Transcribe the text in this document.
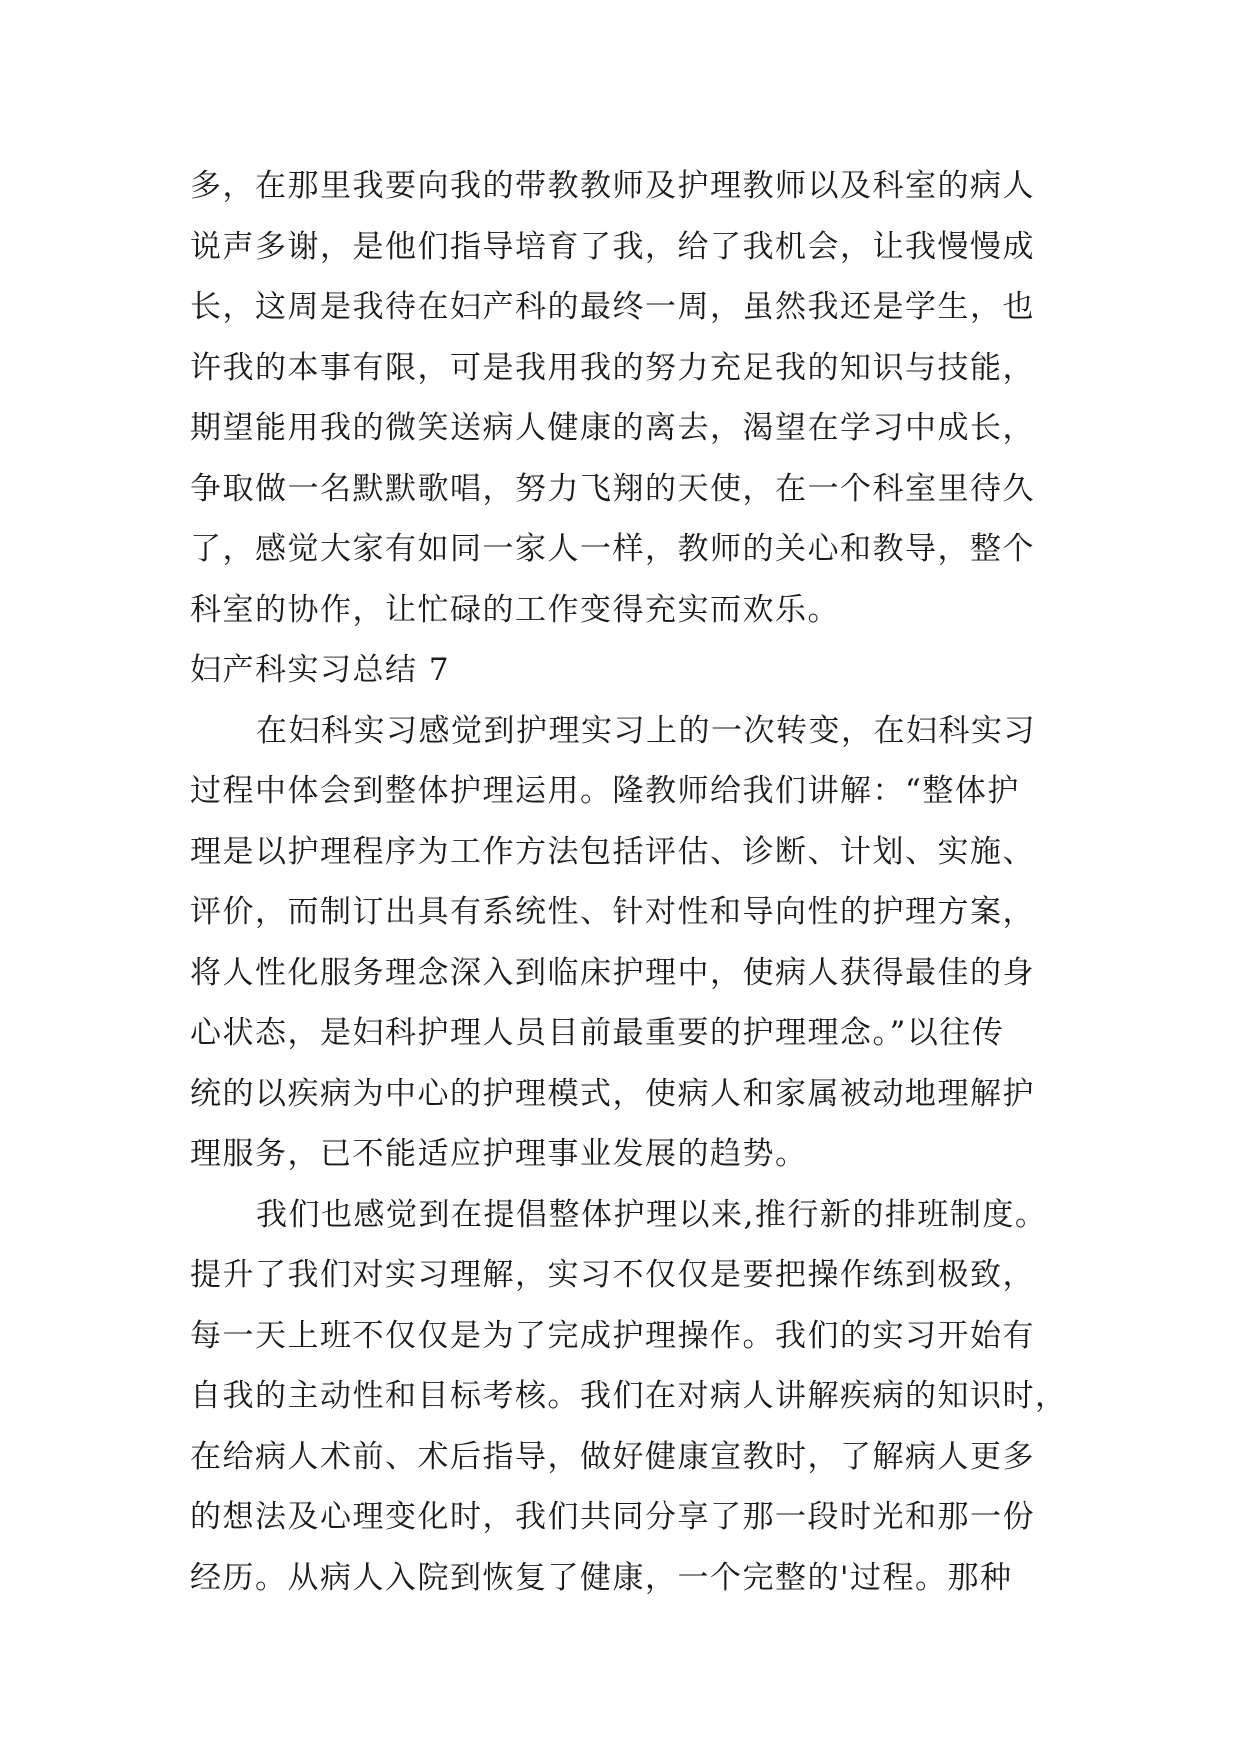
多，在那里我要向我的带教教师及护理教师以及科室的病人
说声多谢，是他们指导培育了我，给了我机会，让我慢慢成
长，这周是我待在妇产科的最终一周，虽然我还是学生，也
许我的本事有限，可是我用我的努力充足我的知识与技能，
期望能用我的微笑送病人健康的离去，渴望在学习中成长，
争取做一名默默歌唱，努力飞翔的天使，在一个科室里待久
了，感觉大家有如同一家人一样，教师的关心和教导，整个
科室的协作，让忙碌的工作变得充实而欢乐。
妇产科实习总结 7
在妇科实习感觉到护理实习上的一次转变，在妇科实习
过程中体会到整体护理运用。隆教师给我们讲解：“整体护
理是以护理程序为工作方法包括评估、诊断、计划、实施、
评价，而制订出具有系统性、针对性和导向性的护理方案，
将人性化服务理念深入到临床护理中，使病人获得最佳的身
心状态，是妇科护理人员目前最重要的护理理念。”以往传
统的以疾病为中心的护理模式，使病人和家属被动地理解护
理服务，已不能适应护理事业发展的趋势。
我们也感觉到在提倡整体护理以来,推行新的排班制度。
提升了我们对实习理解，实习不仅仅是要把操作练到极致，
每一天上班不仅仅是为了完成护理操作。我们的实习开始有
自我的主动性和目标考核。我们在对病人讲解疾病的知识时，
在给病人术前、术后指导，做好健康宣教时，了解病人更多
的想法及心理变化时，我们共同分享了那一段时光和那一份
经历。从病人入院到恢复了健康，一个完整的'过程。那种
